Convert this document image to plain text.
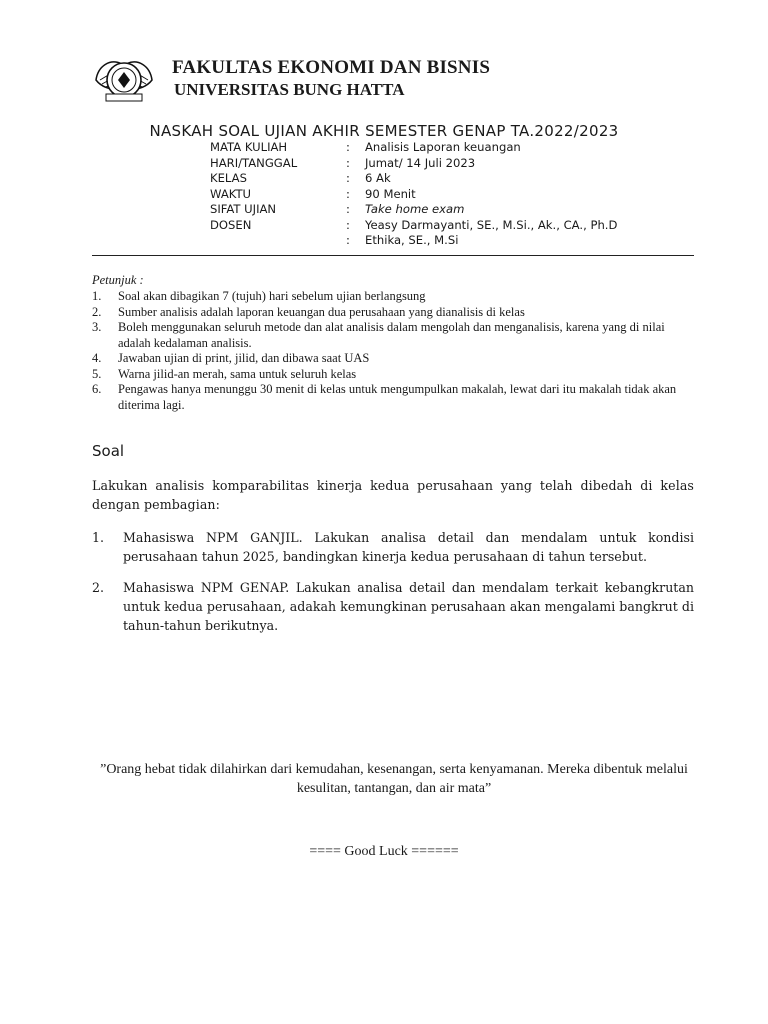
FAKULTAS EKONOMI DAN BISNIS
UNIVERSITAS BUNG HATTA
NASKAH SOAL UJIAN AKHIR SEMESTER GENAP TA.2022/2023
MATA KULIAH	: Analisis Laporan keuangan
HARI/TANGGAL	: Jumat/ 14 Juli 2023
KELAS	: 6 Ak
WAKTU	: 90 Menit
SIFAT UJIAN	: Take home exam
DOSEN	: Yeasy Darmayanti, SE., M.Si., Ak., CA., Ph.D
: Ethika, SE., M.Si
Petunjuk :
1. Soal akan dibagikan 7 (tujuh) hari sebelum ujian berlangsung
2. Sumber analisis adalah laporan keuangan dua perusahaan yang dianalisis di kelas
3. Boleh menggunakan seluruh metode dan alat analisis dalam mengolah dan menganalisis, karena yang di nilai adalah kedalaman analisis.
4. Jawaban ujian di print, jilid, dan dibawa saat UAS
5. Warna jilid-an merah, sama untuk seluruh kelas
6. Pengawas hanya menunggu 30 menit di kelas untuk mengumpulkan makalah, lewat dari itu makalah tidak akan diterima lagi.
Soal
Lakukan analisis komparabilitas kinerja kedua perusahaan yang telah dibedah di kelas dengan pembagian:
1. Mahasiswa NPM GANJIL. Lakukan analisa detail dan mendalam untuk kondisi perusahaan tahun 2025, bandingkan kinerja kedua perusahaan di tahun tersebut.
2. Mahasiswa NPM GENAP. Lakukan analisa detail dan mendalam terkait kebangkrutan untuk kedua perusahaan, adakah kemungkinan perusahaan akan mengalami bangkrut di tahun-tahun berikutnya.
”Orang hebat tidak dilahirkan dari kemudahan, kesenangan, serta kenyamanan. Mereka dibentuk melalui kesulitan, tantangan, dan air mata”
==== Good Luck ======
